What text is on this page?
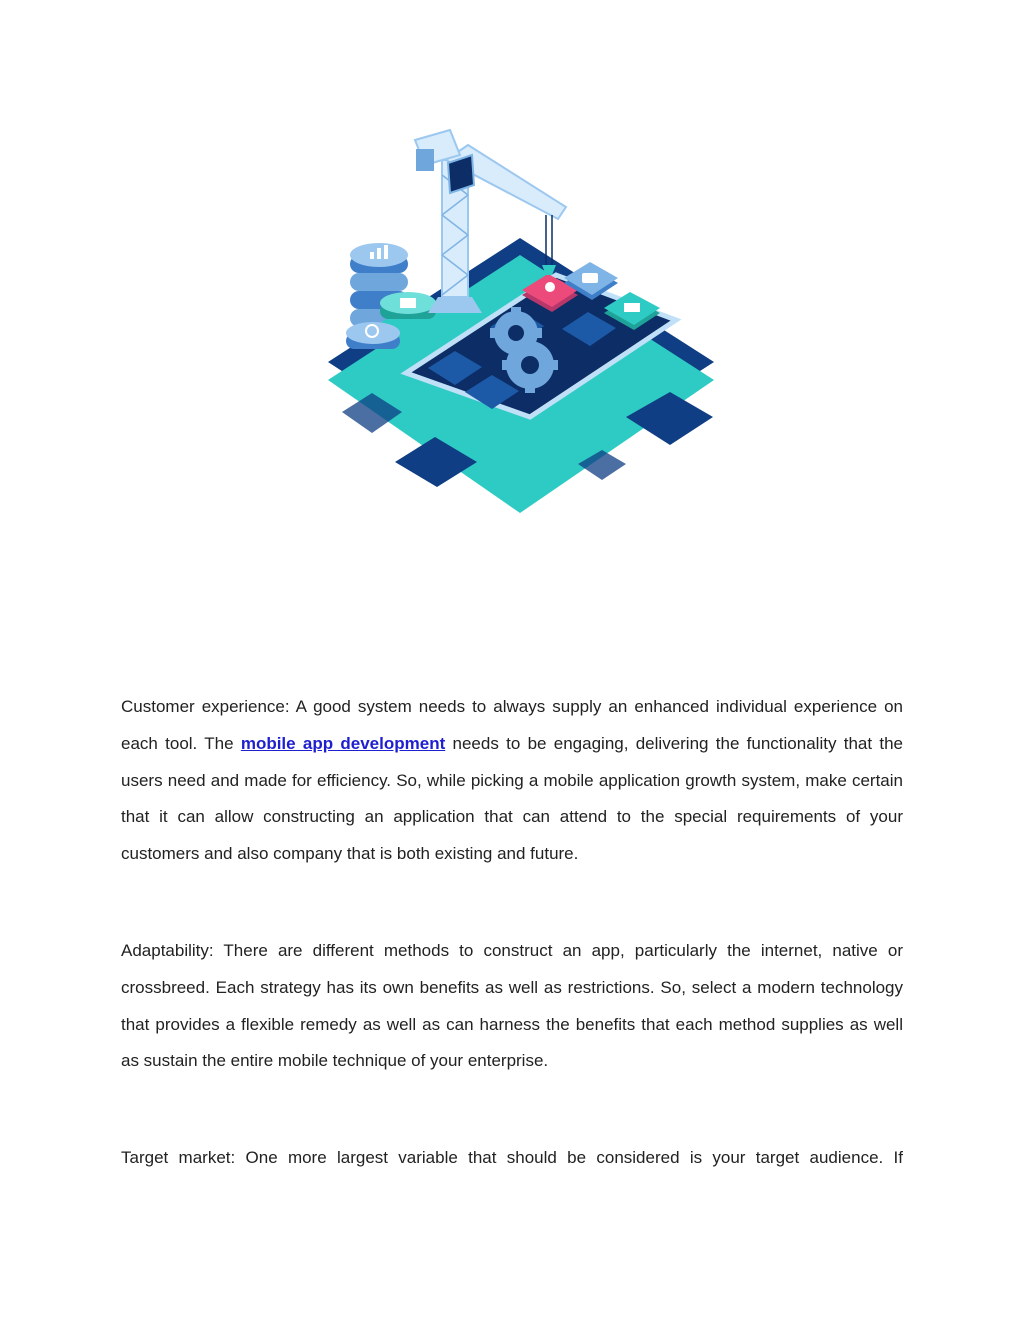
Customer experience: A good system needs to always supply an enhanced individual experience on each tool. The mobile app development needs to be engaging, delivering the functionality that the users need and made for efficiency. So, while picking a mobile application growth system, make certain that it can allow constructing an application that can attend to the special requirements of your customers and also company that is both existing and future.

Adaptability: There are different methods to construct an app, particularly the internet, native or crossbreed. Each strategy has its own benefits as well as restrictions. So, select a modern technology that provides a flexible remedy as well as can harness the benefits that each method supplies as well as sustain the entire mobile technique of your enterprise.

Target market: One more largest variable that should be considered is your target audience. If
